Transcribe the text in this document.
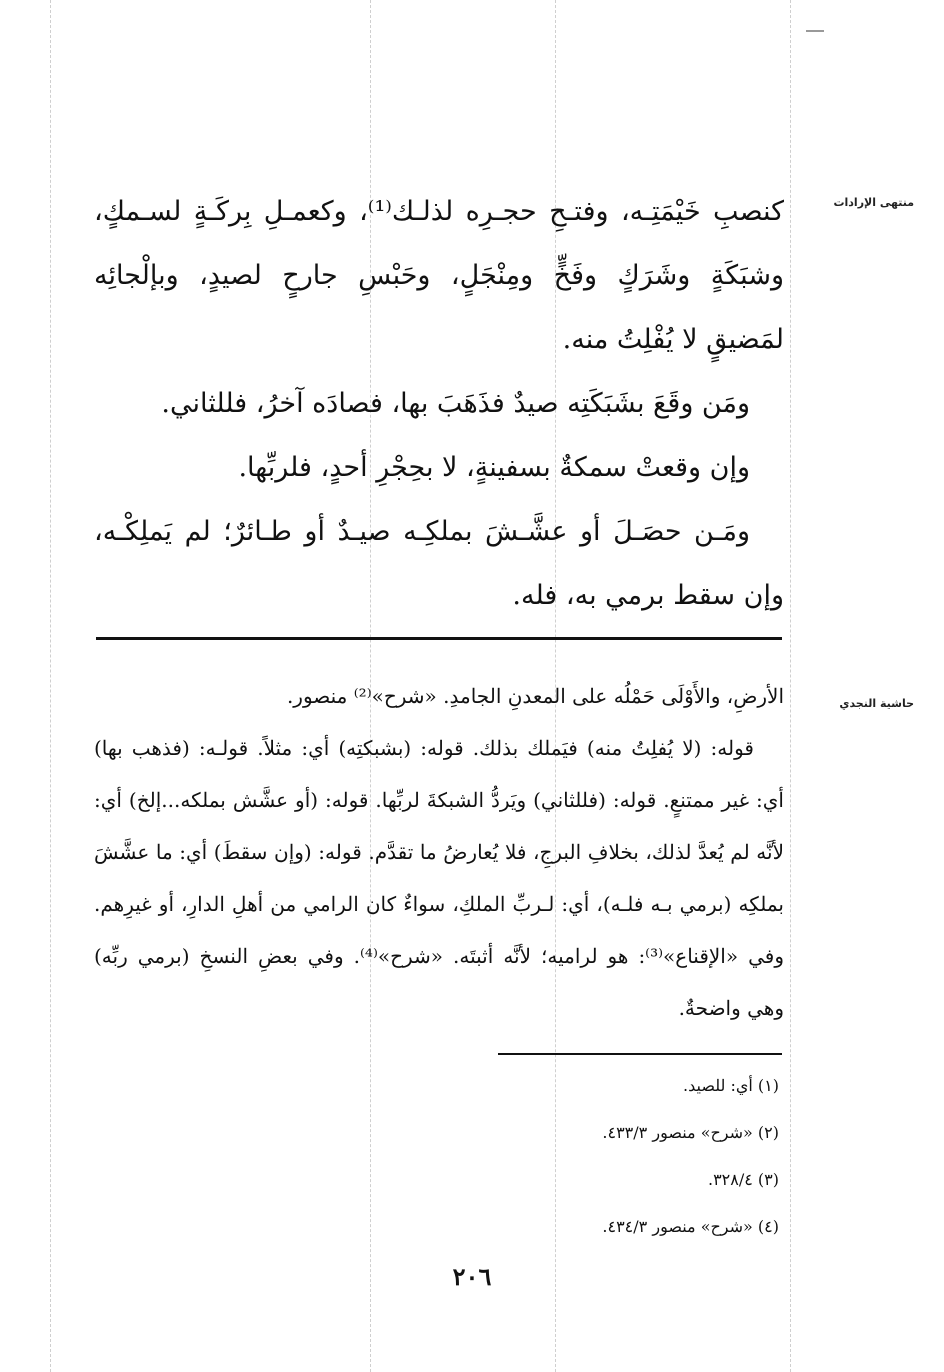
منتهى الإرادات

كنصبِ خَيْمَتِـه، وفتـحِ حجـرِه لذلـك⁽¹⁾، وكعمـلِ بِركَـةٍ لسـمكٍ، وشبَكَةٍ وشَرَكٍ وفَخٍّ ومِنْجَلٍ، وحَبْسِ جارحٍ لصيدٍ، وبإلْجائِه لمَضيقٍ لا يُفْلِتُ منه.

ومَن وقَعَ بشَبَكَتِه صيدٌ فذَهَبَ بها، فصادَه آخرُ، فللثاني.

وإن وقعتْ سمكةٌ بسفينةٍ، لا بحِجْرِ أحدٍ، فلربِّها.

ومَـن حصَـلَ أو عشَّـشَ بملكِـه صيـدٌ أو طـائرٌ؛ لم يَملِكْـه، وإن سقط برمي به، فله.

حاشية النجدي

الأرضِ، والأَوْلَى حَمْلُه على المعدنِ الجامدِ. «شرح»⁽²⁾ منصور.

قوله: (لا يُفلِتُ منه) فيَملك بذلك. قوله: (بشبكتِه) أي: مثلاً. قولـه: (فذهب بها) أي: غير ممتنعٍ. قوله: (فللثاني) ويَردُّ الشبكةَ لربِّها. قوله: (أو عشَّش بملكه...إلخ) أي: لأنَّه لم يُعدَّ لذلك، بخلافِ البرجِ، فلا يُعارضُ ما تقدَّم. قوله: (وإن سقطَ) أي: ما عشَّشَ بملكِه (برمي بـه فلـه)، أي: لـربِّ الملكِ، سواءٌ كان الرامي من أهلِ الدارِ، أو غيرِهم. وفي «الإقناع»⁽³⁾: هو لراميه؛ لأنَّه أثبتَه. «شرح»⁽⁴⁾. وفي بعضِ النسخِ (برمي ربِّه) وهي واضحةٌ.

(١) أي: للصيد.
(٢) «شرح» منصور ٤٣٣/٣.
(٣) ٣٢٨/٤.
(٤) «شرح» منصور ٤٣٤/٣.
٢٠٦
